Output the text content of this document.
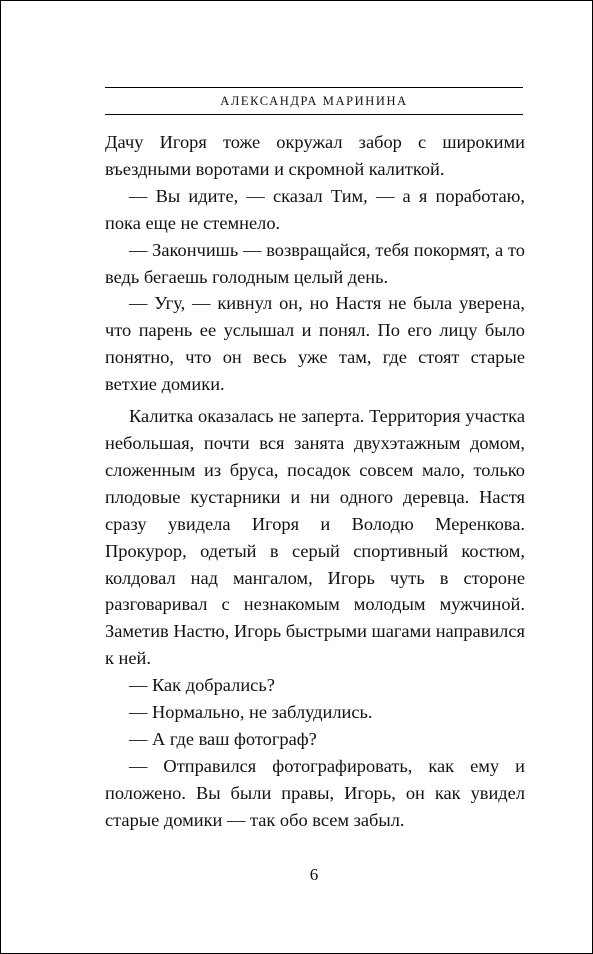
АЛЕКСАНДРА МАРИНИНА

Дачу Игоря тоже окружал забор с широкими въездными воротами и скромной калиткой.

— Вы идите, — сказал Тим, — а я поработаю, пока еще не стемнело.

— Закончишь — возвращайся, тебя покормят, а то ведь бегаешь голодным целый день.

— Угу, — кивнул он, но Настя не была уверена, что парень ее услышал и понял. По его лицу было понятно, что он весь уже там, где стоят старые ветхие домики.

Калитка оказалась не заперта. Территория участка небольшая, почти вся занята двухэтажным домом, сложенным из бруса, посадок совсем мало, только плодовые кустарники и ни одного деревца. Настя сразу увидела Игоря и Володю Меренкова. Прокурор, одетый в серый спортивный костюм, колдовал над мангалом, Игорь чуть в стороне разговаривал с незнакомым молодым мужчиной. Заметив Настю, Игорь быстрыми шагами направился к ней.

— Как добрались?

— Нормально, не заблудились.

— А где ваш фотограф?

— Отправился фотографировать, как ему и положено. Вы были правы, Игорь, он как увидел старые домики — так обо всем забыл.

6
